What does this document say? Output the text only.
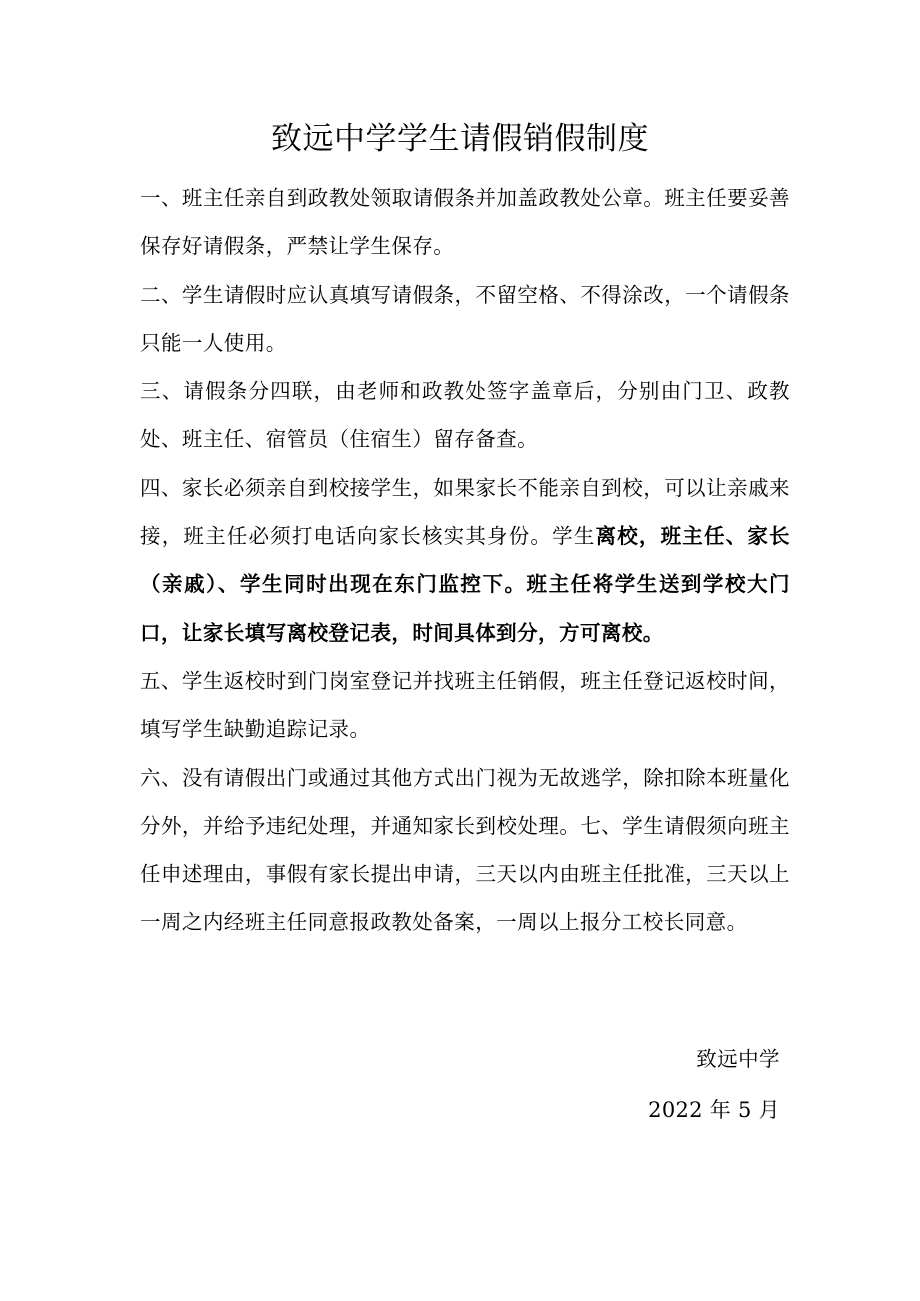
致远中学学生请假销假制度

一、班主任亲自到政教处领取请假条并加盖政教处公章。班主任要妥善保存好请假条，严禁让学生保存。

二、学生请假时应认真填写请假条，不留空格、不得涂改，一个请假条只能一人使用。

三、请假条分四联，由老师和政教处签字盖章后，分别由门卫、政教处、班主任、宿管员（住宿生）留存备查。

四、家长必须亲自到校接学生，如果家长不能亲自到校，可以让亲戚来接，班主任必须打电话向家长核实其身份。学生离校，班主任、家长（亲戚）、学生同时出现在东门监控下。班主任将学生送到学校大门口，让家长填写离校登记表，时间具体到分，方可离校。

五、学生返校时到门岗室登记并找班主任销假，班主任登记返校时间，填写学生缺勤追踪记录。

六、没有请假出门或通过其他方式出门视为无故逃学，除扣除本班量化分外，并给予违纪处理，并通知家长到校处理。七、学生请假须向班主任申述理由，事假有家长提出申请，三天以内由班主任批准，三天以上一周之内经班主任同意报政教处备案，一周以上报分工校长同意。

致远中学
2022 年 5 月
